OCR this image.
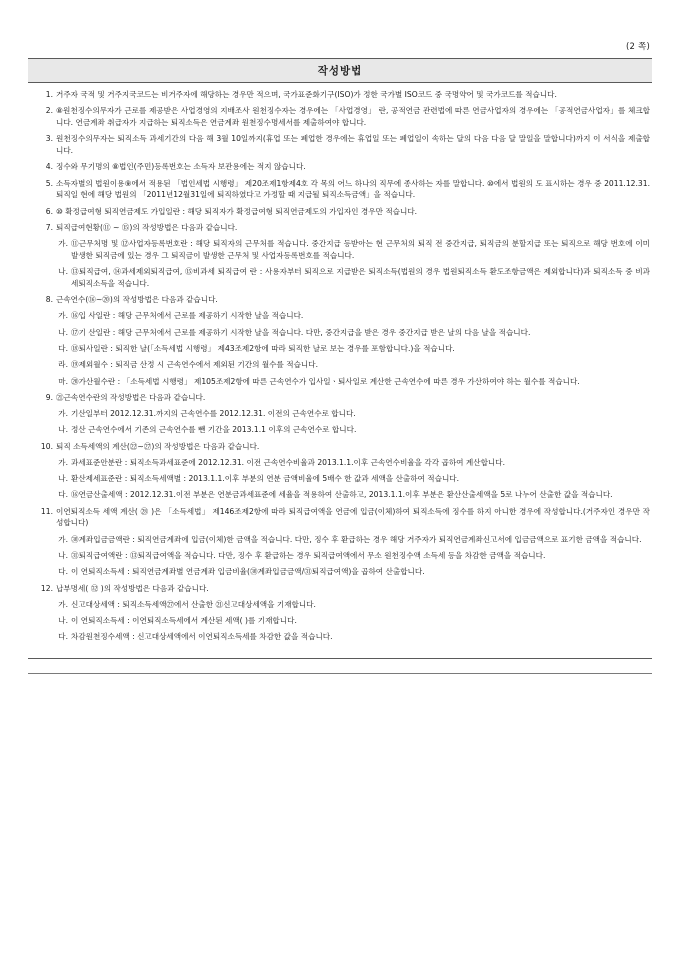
(2 쪽)
작성방법
1. 거주자 국적 및 거주지국코드는 비거주자에 해당하는 경우만 적으며, 국가표준화기구(ISO)가 정한 국가별 ISO코드 중 국명약어 및 국가코드를 적습니다.
2. ⑧원천징수의무자가 근로를 제공받은 사업경영의 지배조사 원천징수자는 경우에는 「사업경영」 란, 공적연금 관련법에 따른 연금사업자의 경우에는 「공적연금사업자」를 체크합니다. 연금계좌 취급자가 지급하는 퇴직소득은 연금계좌 원천징수명세서를 제출하여야 합니다.
3. 원천징수의무자는 퇴직소득 과세기간의 다음 해 3월 10일까지(휴업 또는 폐업한 경우에는 휴업일 또는 폐업일이 속하는 달의 다음 다음 달 말일을 말합니다)까지 이 서식을 제출합니다.
4. 징수와 무기명의 ⑧법인(주민)등록번호는 소득자 보관용에는 적지 않습니다.
5. 소득자별의 법원이용⑨에서 적용된 「법인세법 시행령」 제20조제1항제4호 각 목의 어느 하나의 직무에 종사하는 자를 말합니다. ⑩에서 법원의 도 표시하는 경우 중 2011.12.31.퇴직일 현에 해당 법원의 「2011년12월31일에 퇴직하였다고 가정할 때 지급될 퇴직소득금액」을 적습니다.
6. ⑩ 확정급여형 퇴직연금제도 가입일란 : 해당 퇴직자가 확정급여형 퇴직연금제도의 가입자인 경우만 적습니다.
7. 퇴직급여현황(⑪ ~ ⑮)의 작성방법은 다음과 같습니다.
가. ⑪근무처명 및 ⑫사업자등록번호란 : 해당 퇴직자의 근무처를 적습니다. 중간지급 등받아는 현 근무처의 퇴직 전 중간지급, 퇴직금의 분할지급 또는 퇴직으로 해당 번호에 이미 발생한 퇴직금에 있는 경우 그 퇴직금이 발생한 근무처 및 사업자등록번호를 적습니다.
나. ⑬퇴직급여, ⑭과세제외퇴직급여, ⑮비과세 퇴직급여 란 : 사용자부터 퇴직으로 지급받은 퇴직소득(법원의 경우 법원퇴직소득 환도조항금액은 제외합니다)과 퇴직소득 중 비과세퇴직소득을 적습니다.
8. 근속연수(⑯~⑳)의 작성방법은 다음과 같습니다.
가. ⑯입 사일란 : 해당 근무처에서 근로를 제공하기 시작한 날을 적습니다.
나. ⑰기 산일란 : 해당 근무처에서 근로를 제공하기 시작한 날을 적습니다. 다만, 중간지급을 받은 경우 중간지급 받은 날의 다음 날을 적습니다.
다. ⑱퇴사일란 : 퇴직한 날(「소득세법 시행령」 제43조제2항에 따라 퇴직한 날로 보는 경우를 포함합니다.)을 적습니다.
라. ⑲제외월수 : 퇴직금 산정 시 근속연수에서 제외된 기간의 월수를 적습니다.
마. ⑳가산월수란 : 「소득세법 시행령」 제105조제2항에 따른 근속연수가 입사일ㆍ퇴사일로 계산한 근속연수에 따른 경우 가산하여야 하는 월수를 적습니다.
9. ㉑근속연수란의 작성방법은 다음과 같습니다.
가. 기산일부터 2012.12.31.까지의 근속연수를 2012.12.31. 이전의 근속연수로 합니다.
나. 정산 근속연수에서 기존의 근속연수를 뺀 기간을 2013.1.1 이후의 근속연수로 합니다.
10. 퇴직 소득세액의 계산(㉒~㉗)의 작성방법은 다음과 같습니다.
가. 과세표준안분란 : 퇴직소득과세표준에 2012.12.31. 이전 근속연수비율과 2013.1.1.이후 근속연수비율을 각각 곱하여 계산합니다.
나. 환산제세표준란 : 퇴직소득세액별 : 2013.1.1.이후 부분의 연분 금액비율에 5배수 한 값과 세액을 산출하여 적습니다.
다. ⑯연금산출세액 : 2012.12.31.이전 부분은 연분금과세표준에 세율을 적용하여 산출하고, 2013.1.1.이후 부분은 환산산출세액을 5로 나누어 산출한 값을 적습니다.
11. 이연퇴직소득 세액 계산( ㉘ )은 「소득세법」 제146조제2항에 따라 퇴직급여액을 연금에 입금(이체)하여 퇴직소득에 징수를 하지 아니한 경우에 작성합니다.(거주자인 경우만 작성합니다)
가. ㉚계좌입금금액란 : 퇴직연금계좌에 입금(이체)한 금액을 적습니다. 다만, 징수 후 환급하는 경우 해당 거주자가 퇴직연금계좌신고서에 입금금액으로 표기한 금액을 적습니다.
나. ㉛퇴직급여액란 : ⑬퇴직급여액을 적습니다. 다만, 징수 후 환급하는 경우 퇴직급여액에서 무소 원천징수액 소득세 등을 차감한 금액을 적습니다.
다. 이 연퇴직소득세 : 퇴직연금계좌별 연금계좌 입금비율(㉚계좌입금금액/㉛퇴직급여액)을 곱하여 산출합니다.
12. 납부명세( ㉜ )의 작성방법은 다음과 같습니다.
가. 신고대상세액 : 퇴직소득세액㉗에서 산출한 ㉑신고대상세액을 기재합니다.
나. 이 연퇴직소득세 : 이연퇴직소득세에서 계산된 세액( )를 기재합니다.
다. 차감원천징수세액 : 신고대상세액에서 이연퇴직소득세를 차감한 값을 적습니다.
